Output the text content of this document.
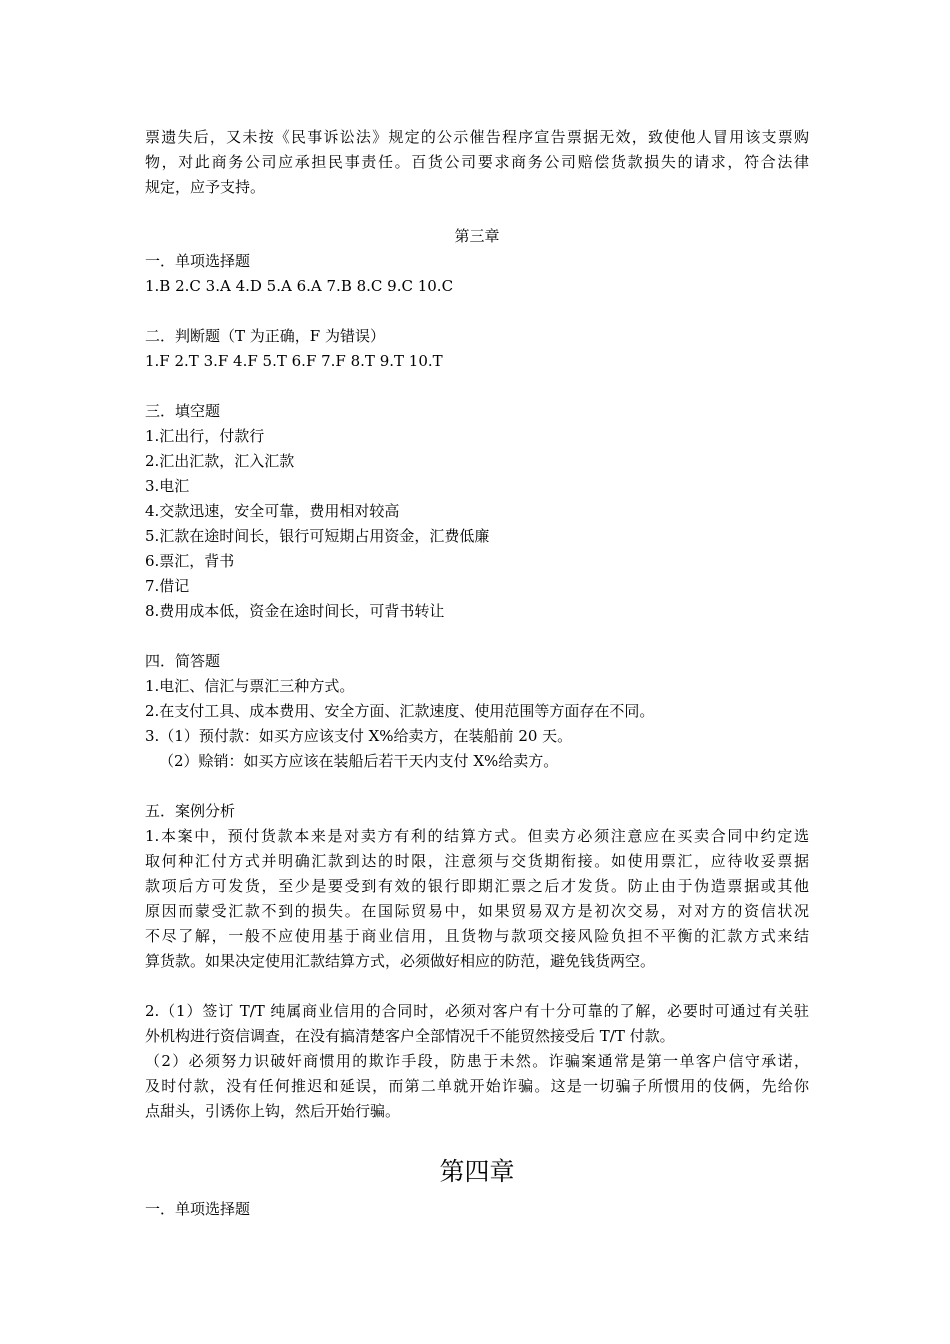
票遗失后，又未按《民事诉讼法》规定的公示催告程序宣告票据无效，致使他人冒用该支票购
物，对此商务公司应承担民事责任。百货公司要求商务公司赔偿货款损失的请求，符合法律
规定，应予支持。
第三章
一．单项选择题
1.B 2.C 3.A 4.D 5.A 6.A 7.B 8.C 9.C 10.C
二．判断题（T 为正确，F 为错误）
1.F 2.T 3.F 4.F 5.T 6.F 7.F 8.T 9.T 10.T
三．填空题
1.汇出行，付款行
2.汇出汇款，汇入汇款
3.电汇
4.交款迅速，安全可靠，费用相对较高
5.汇款在途时间长，银行可短期占用资金，汇费低廉
6.票汇，背书
7.借记
8.费用成本低，资金在途时间长，可背书转让
四．简答题
1.电汇、信汇与票汇三种方式。
2.在支付工具、成本费用、安全方面、汇款速度、使用范围等方面存在不同。
3.（1）预付款：如买方应该支付 X%给卖方，在装船前 20 天。
（2）赊销：如买方应该在装船后若干天内支付 X%给卖方。
五．案例分析
1.本案中，预付货款本来是对卖方有利的结算方式。但卖方必须注意应在买卖合同中约定选
取何种汇付方式并明确汇款到达的时限，注意须与交货期衔接。如使用票汇，应待收妥票据
款项后方可发货，至少是要受到有效的银行即期汇票之后才发货。防止由于伪造票据或其他
原因而蒙受汇款不到的损失。在国际贸易中，如果贸易双方是初次交易，对对方的资信状况
不尽了解，一般不应使用基于商业信用，且货物与款项交接风险负担不平衡的汇款方式来结
算货款。如果决定使用汇款结算方式，必须做好相应的防范，避免钱货两空。
2.（1）签订 T/T 纯属商业信用的合同时，必须对客户有十分可靠的了解，必要时可通过有关驻
外机构进行资信调查，在没有搞清楚客户全部情况千不能贸然接受后 T/T 付款。
（2）必须努力识破奸商惯用的欺诈手段，防患于未然。诈骗案通常是第一单客户信守承诺，
及时付款，没有任何推迟和延误，而第二单就开始诈骗。这是一切骗子所惯用的伎俩，先给你
点甜头，引诱你上钩，然后开始行骗。
第四章
一．单项选择题
